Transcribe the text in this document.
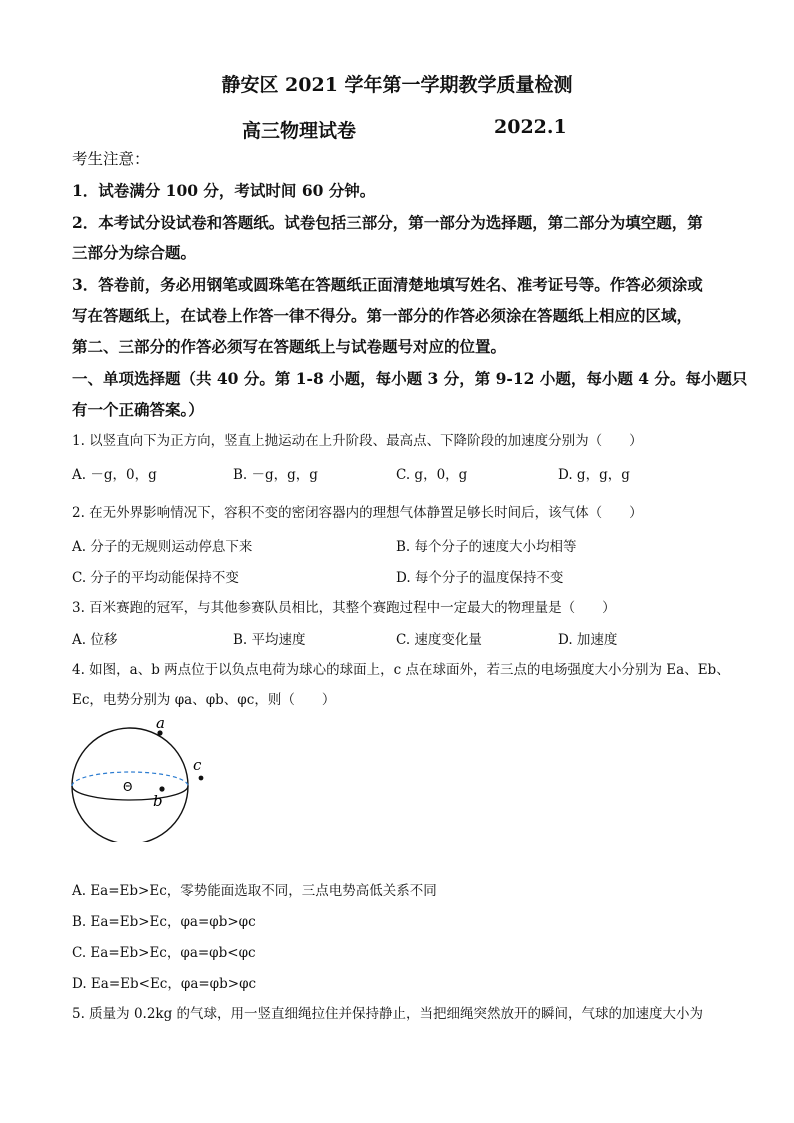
静安区 2021 学年第一学期教学质量检测
高三物理试卷	2022.1
考生注意：
1．试卷满分 100 分，考试时间 60 分钟。
2．本考试分设试卷和答题纸。试卷包括三部分，第一部分为选择题，第二部分为填空题，第
三部分为综合题。
3．答卷前，务必用钢笔或圆珠笔在答题纸正面清楚地填写姓名、准考证号等。作答必须涂或
写在答题纸上，在试卷上作答一律不得分。第一部分的作答必须涂在答题纸上相应的区域，
第二、三部分的作答必须写在答题纸上与试卷题号对应的位置。
一、单项选择题（共 40 分。第 1-8 小题，每小题 3 分，第 9-12 小题，每小题 4 分。每小题只
有一个正确答案。）
1. 以竖直向下为正方向，竖直上抛运动在上升阶段、最高点、下降阶段的加速度分别为（　　）
A. －g，0，g	B. －g，g，g	C. g，0，g	D. g，g，g
2. 在无外界影响情况下，容积不变的密闭容器内的理想气体静置足够长时间后，该气体（　　）
A. 分子的无规则运动停息下来	B. 每个分子的速度大小均相等
C. 分子的平均动能保持不变	D. 每个分子的温度保持不变
3. 百米赛跑的冠军，与其他参赛队员相比，其整个赛跑过程中一定最大的物理量是（　　）
A. 位移	B. 平均速度	C. 速度变化量	D. 加速度
4. 如图，a、b 两点位于以负点电荷为球心的球面上，c 点在球面外，若三点的电场强度大小分别为 Ea、Eb、
Ec，电势分别为 φa、φb、φc，则（　　）
a
b
c
Θ
A. Ea=Eb>Ec，零势能面选取不同，三点电势高低关系不同
B. Ea=Eb>Ec，φa=φb>φc
C. Ea=Eb>Ec，φa=φb<φc
D. Ea=Eb<Ec，φa=φb>φc
5. 质量为 0.2kg 的气球，用一竖直细绳拉住并保持静止，当把细绳突然放开的瞬间，气球的加速度大小为
